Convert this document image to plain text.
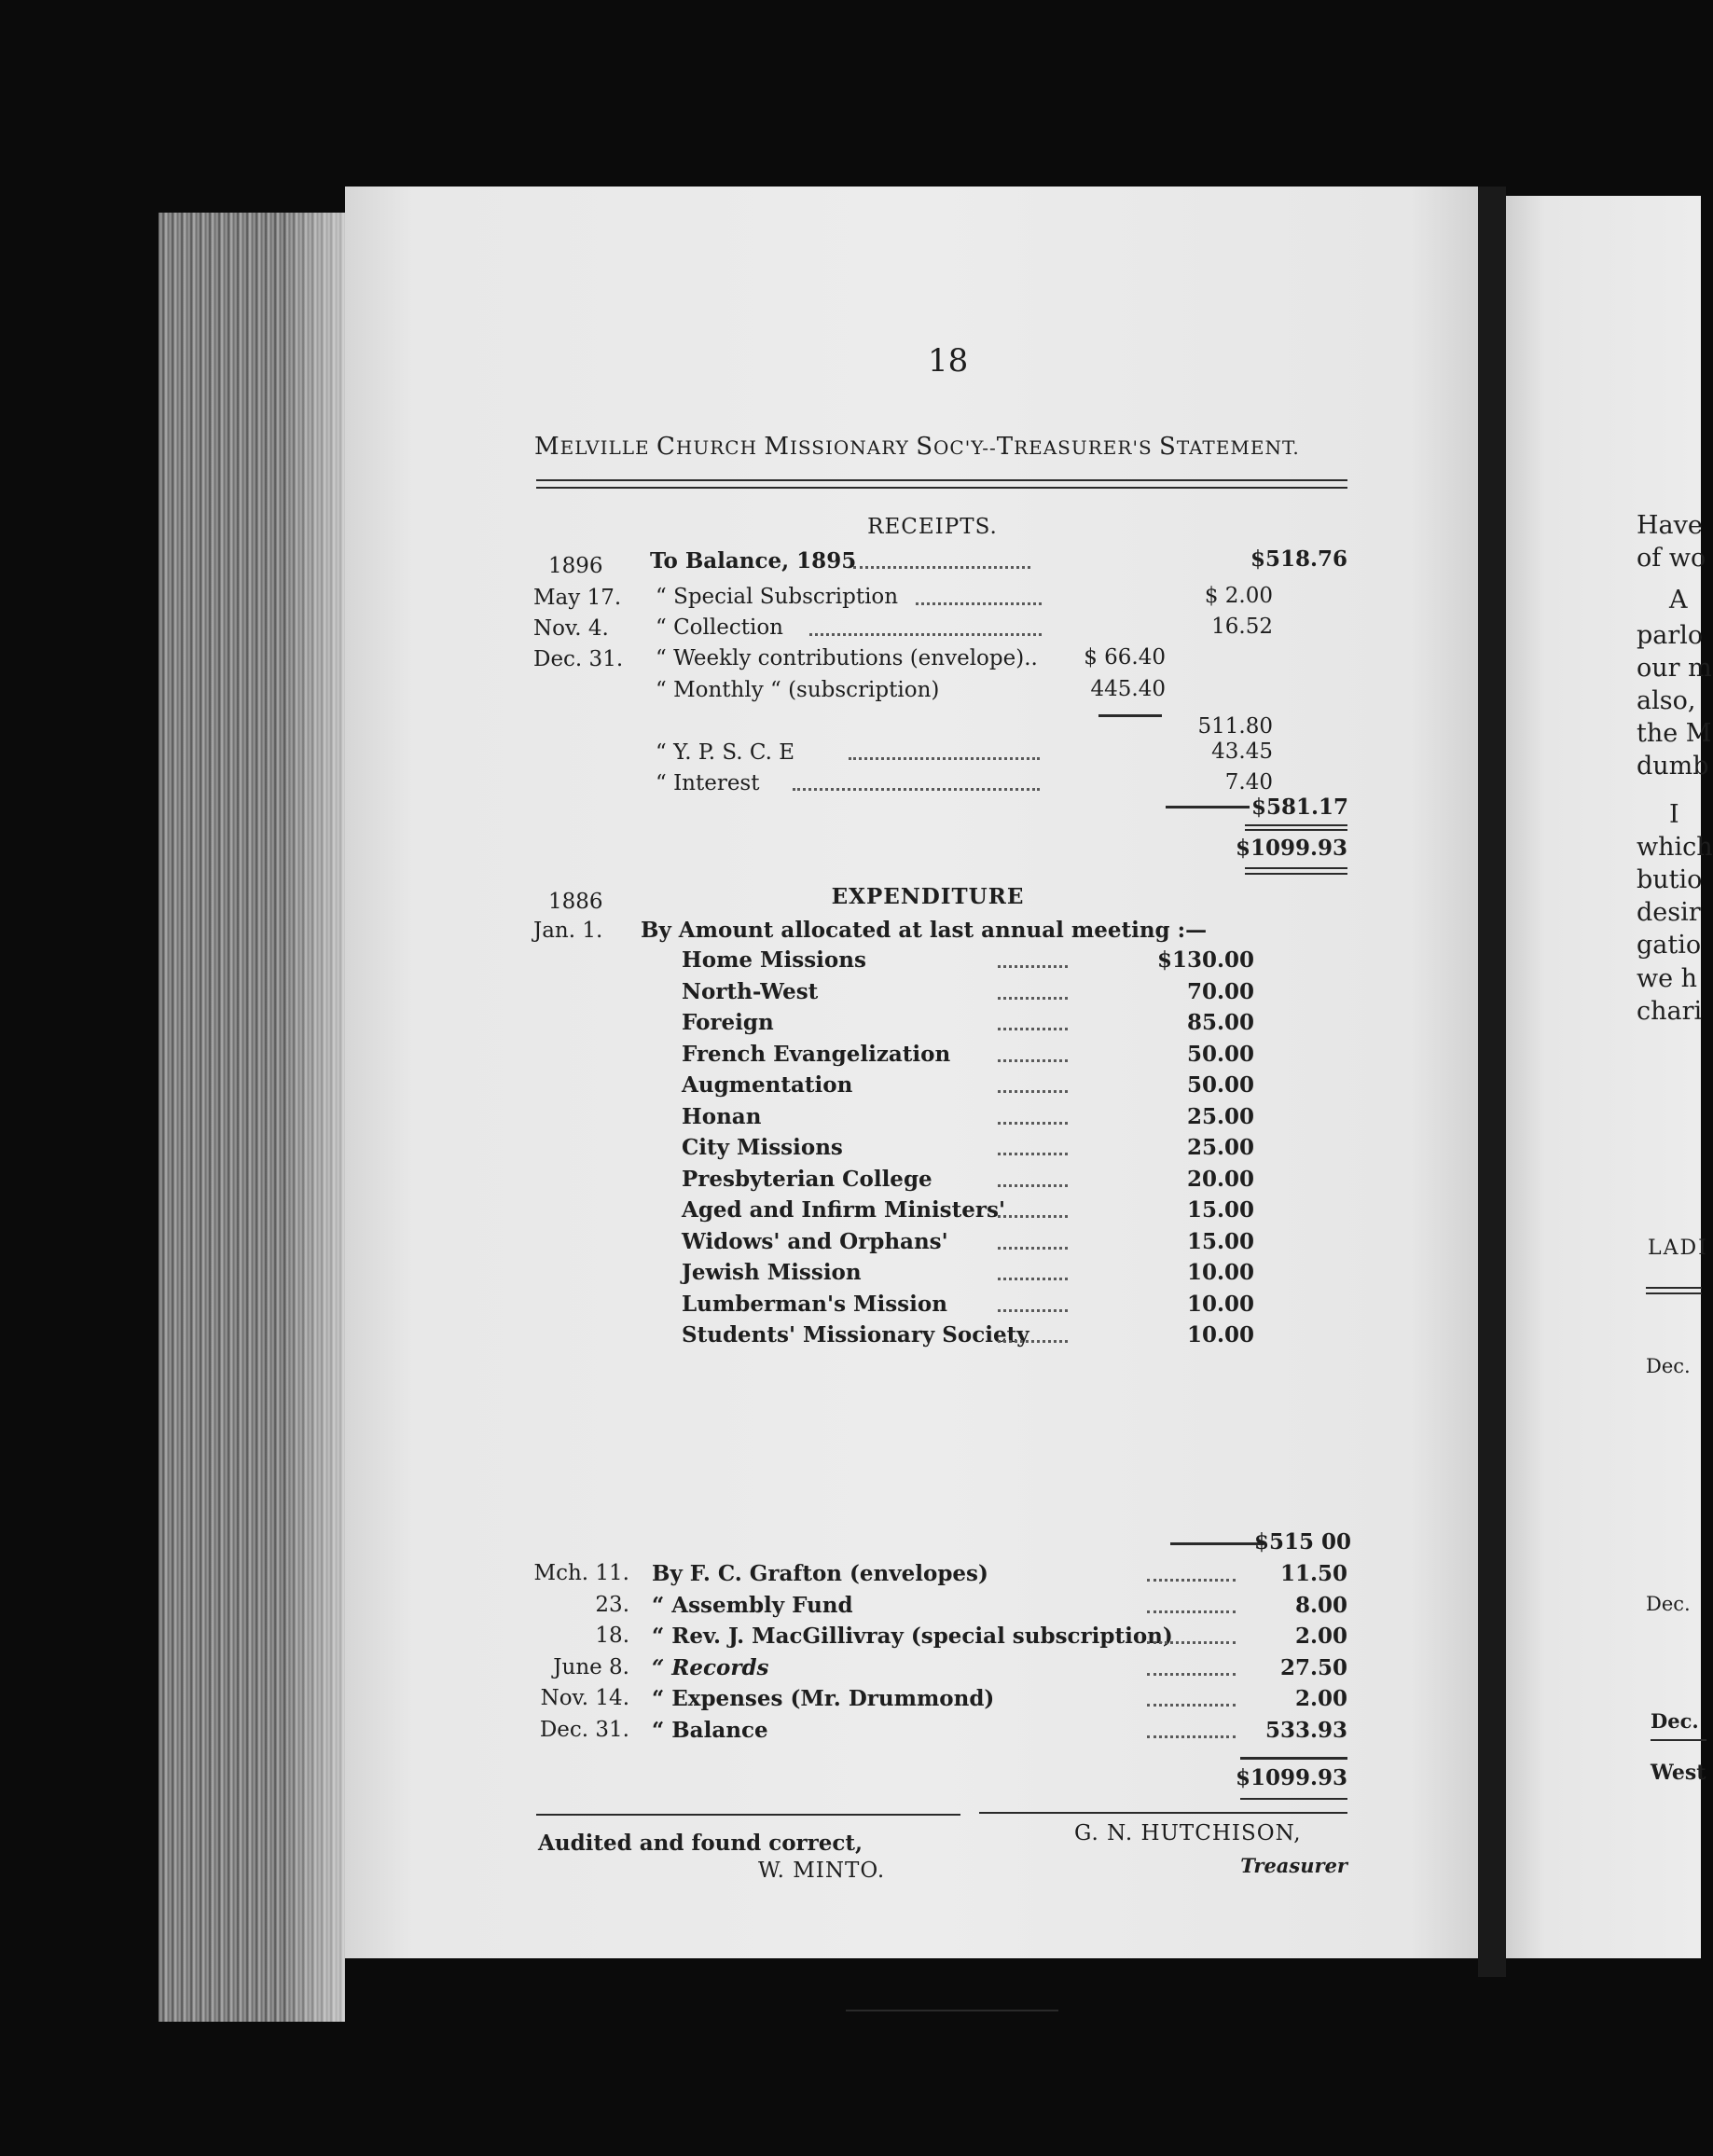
18
MELVILLE CHURCH MISSIONARY SOC'Y--TREASURER'S STATEMENT.
RECEIPTS.
1896 To Balance, 1895	$518.76
May 17. “ Special Subscription	$ 2.00
Nov. 4. “ Collection	16.52
Dec. 31. “ Weekly contributions (envelope)..	$ 66.40
“ Monthly “ (subscription)	445.40
511.80
“ Y. P. S. C. E	43.45
“ Interest	7.40
$581.17
$1099.93
1886	EXPENDITURE
Jan. 1. By Amount allocated at last annual meeting :—
Home Missions	$130.00
North-West	70.00
Foreign	85.00
French Evangelization	50.00
Augmentation	50.00
Honan	25.00
City Missions	25.00
Presbyterian College	20.00
Aged and Infirm Ministers'	15.00
Widows' and Orphans'	15.00
Jewish Mission	10.00
Lumberman's Mission	10.00
Students' Missionary Society	10.00
$515 00
Mch. 11. By F. C. Grafton (envelopes)	11.50
23. “ Assembly Fund	8.00
18. “ Rev. J. MacGillivray (special subscription)	2.00
June 8. “ Records	27.50
Nov. 14. “ Expenses (Mr. Drummond)	2.00
Dec. 31. “ Balance	533.93
$1099.93
Audited and found correct,
W. MINTO.
G. N. HUTCHISON,
Treasurer
LADI
Dec.
Dec.
Dec.
West
Have
of wo
A
parlo
our m
also,
the M
dumb
I
which
butio
desir
gatio
we h
chari
